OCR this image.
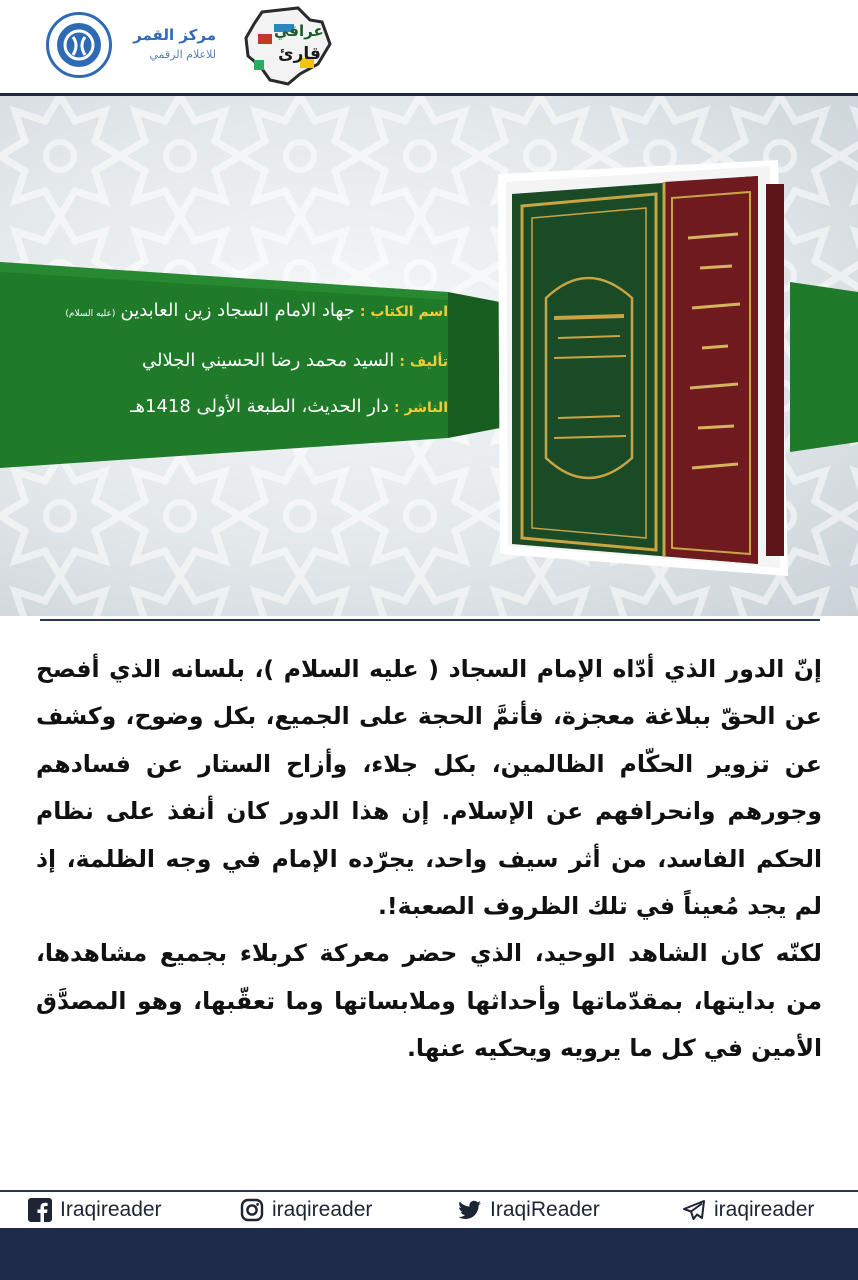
مركز القمر
للاعلام الرقمي
عراقي
قارئ
اسم الكتاب : جهاد الامام السجاد زين العابدين (عليه السلام)
تأليف : السيد محمد رضا الحسيني الجلالي
الناشر : دار الحديث، الطبعة الأولى 1418هـ
إنّ الدور الذي أدّاه الإمام السجاد ( عليه السلام )، بلسانه الذي أفصح عن الحقّ ببلاغة معجزة، فأتمَّ الحجة على الجميع، بكل وضوح، وكشف عن تزوير الحكّام الظالمين، بكل جلاء، وأزاح الستار عن فسادهم وجورهم وانحرافهم عن الإسلام. إن هذا الدور كان أنفذ على نظام الحكم الفاسد، من أثر سيف واحد، يجرّده الإمام في وجه الظلمة، إذ لم يجد مُعيناً في تلك الظروف الصعبة!.
لكنّه كان الشاهد الوحيد، الذي حضر معركة كربلاء بجميع مشاهدها، من بدايتها، بمقدّماتها وأحداثها وملابساتها وما تعقّبها، وهو المصدَّق الأمين في كل ما يرويه ويحكيه عنها.
Iraqireader	iraqireader	IraqiReader	iraqireader
